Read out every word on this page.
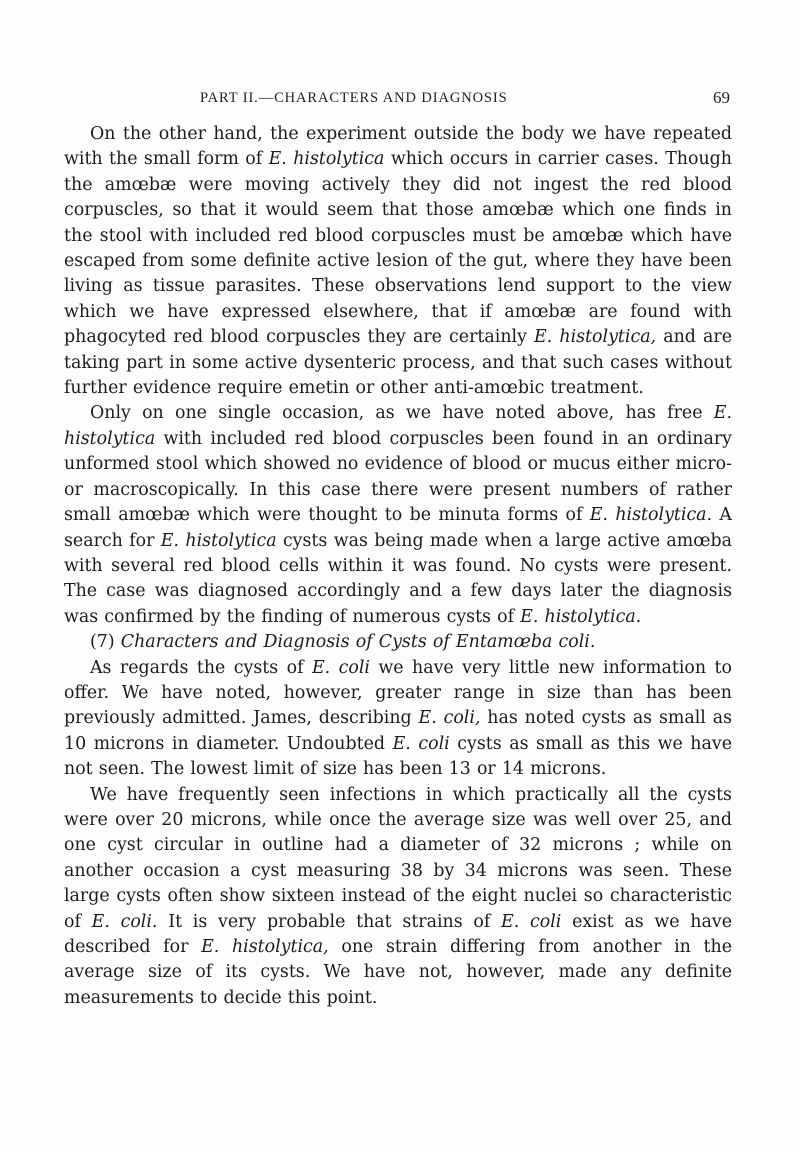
PART II.—CHARACTERS AND DIAGNOSIS	69

On the other hand, the experiment outside the body we have repeated with the small form of E. histolytica which occurs in carrier cases. Though the amœbæ were moving actively they did not ingest the red blood corpuscles, so that it would seem that those amœbæ which one finds in the stool with included red blood corpuscles must be amœbæ which have escaped from some definite active lesion of the gut, where they have been living as tissue parasites. These observations lend support to the view which we have expressed elsewhere, that if amœbæ are found with phagocyted red blood corpuscles they are certainly E. histolytica, and are taking part in some active dysenteric process, and that such cases without further evidence require emetin or other anti-amœbic treatment.

Only on one single occasion, as we have noted above, has free E. histolytica with included red blood corpuscles been found in an ordinary unformed stool which showed no evidence of blood or mucus either micro- or macroscopically. In this case there were present numbers of rather small amœbæ which were thought to be minuta forms of E. histolytica. A search for E. histolytica cysts was being made when a large active amœba with several red blood cells within it was found. No cysts were present. The case was diagnosed accordingly and a few days later the diagnosis was confirmed by the finding of numerous cysts of E. histolytica.

(7) Characters and Diagnosis of Cysts of Entamœba coli.

As regards the cysts of E. coli we have very little new information to offer. We have noted, however, greater range in size than has been previously admitted. James, describing E. coli, has noted cysts as small as 10 microns in diameter. Undoubted E. coli cysts as small as this we have not seen. The lowest limit of size has been 13 or 14 microns.

We have frequently seen infections in which practically all the cysts were over 20 microns, while once the average size was well over 25, and one cyst circular in outline had a diameter of 32 microns ; while on another occasion a cyst measuring 38 by 34 microns was seen. These large cysts often show sixteen instead of the eight nuclei so characteristic of E. coli. It is very probable that strains of E. coli exist as we have described for E. histolytica, one strain differing from another in the average size of its cysts. We have not, however, made any definite measurements to decide this point.
